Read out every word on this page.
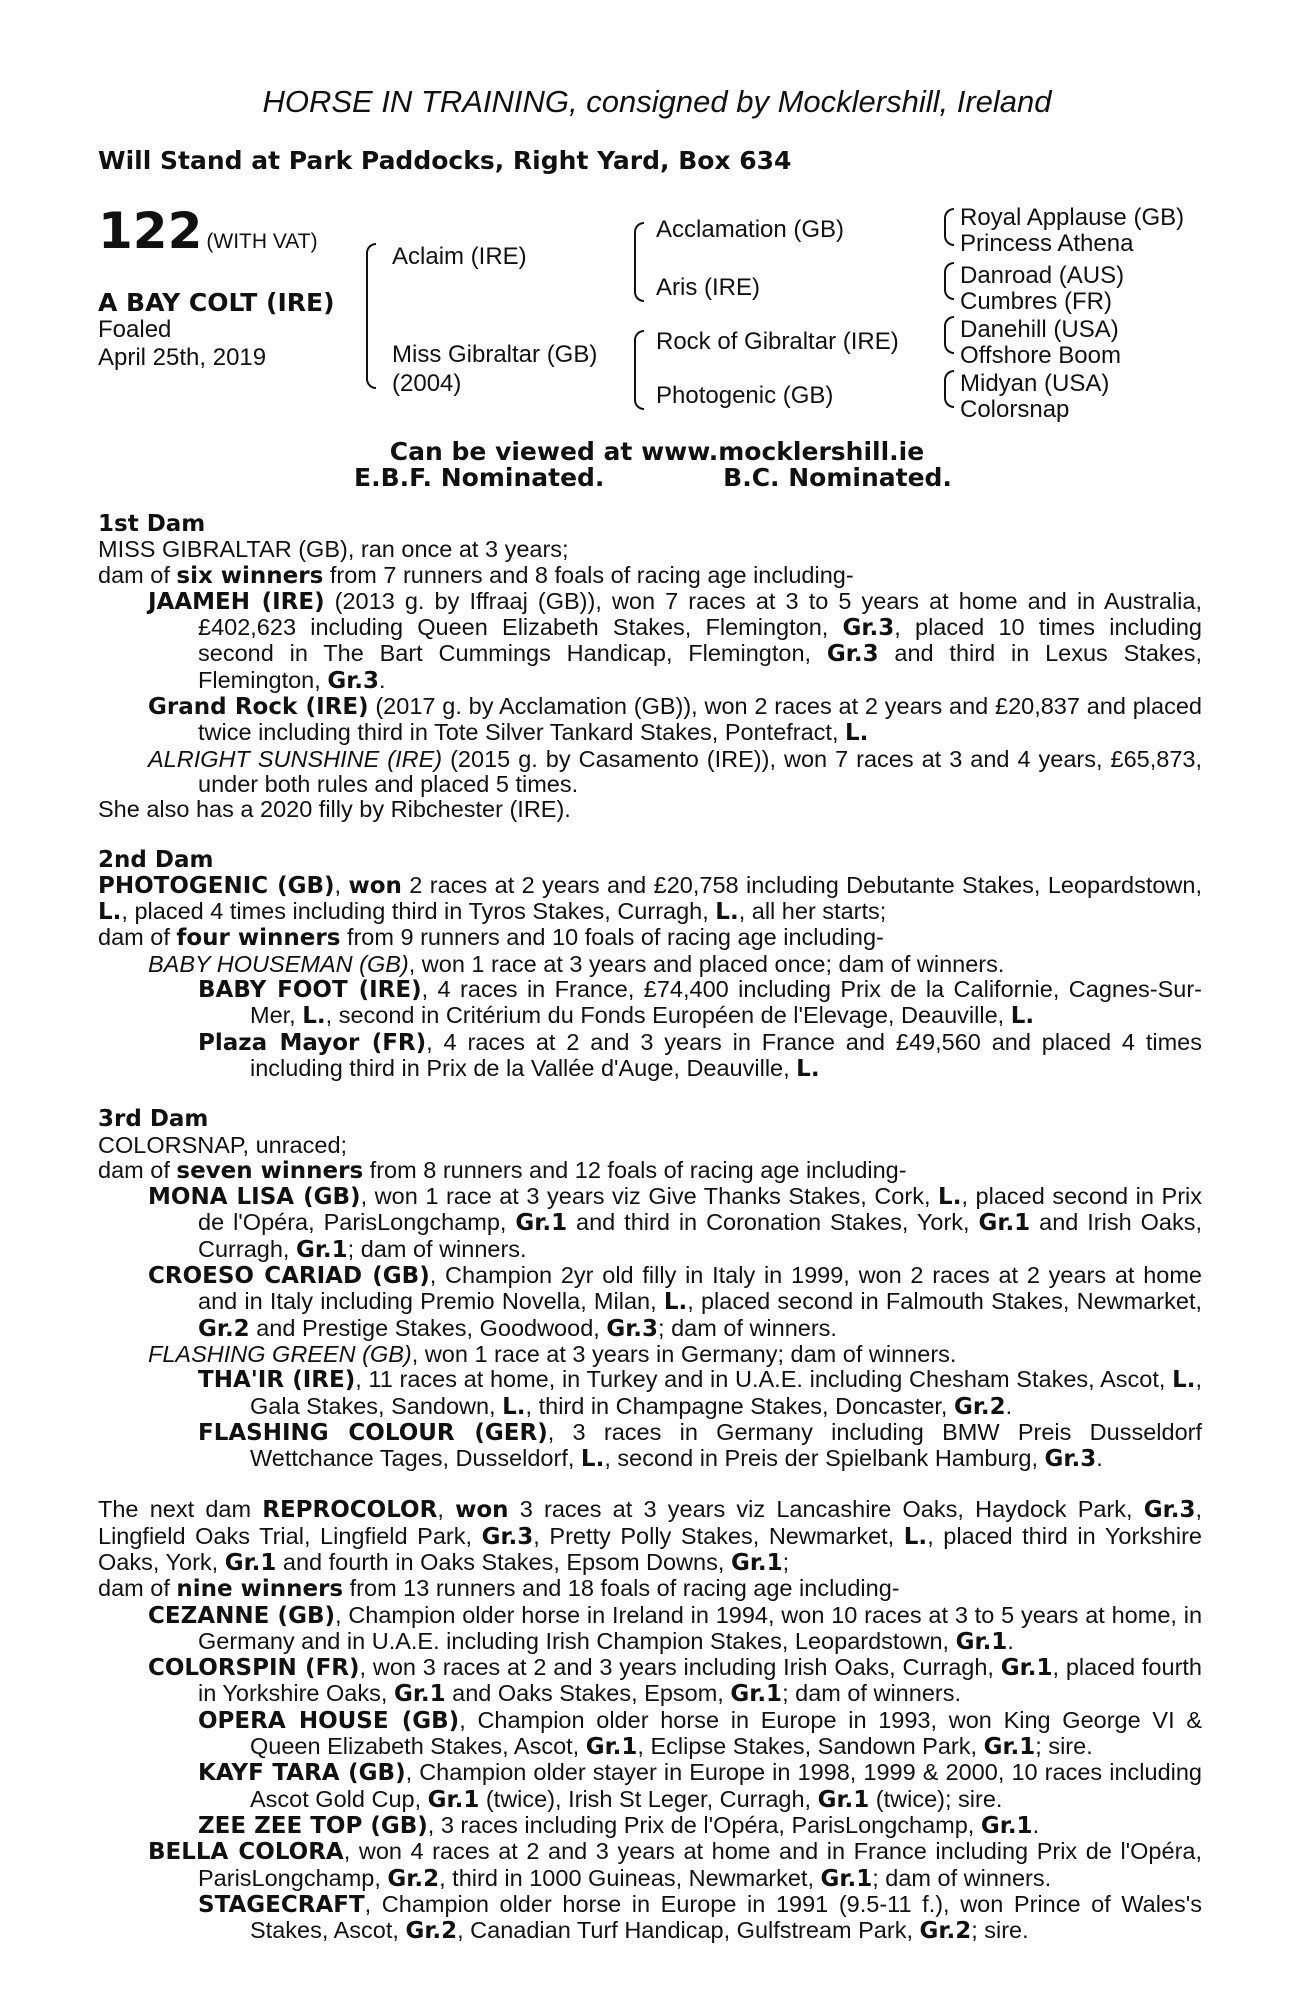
HORSE IN TRAINING, consigned by Mocklershill, Ireland
Will Stand at Park Paddocks, Right Yard, Box 634
122 (WITH VAT)
A BAY COLT (IRE)
Foaled
April 25th, 2019
Aclaim (IRE)
Miss Gibraltar (GB)
(2004)
Acclamation (GB)
Aris (IRE)
Rock of Gibraltar (IRE)
Photogenic (GB)
Royal Applause (GB)
Princess Athena
Danroad (AUS)
Cumbres (FR)
Danehill (USA)
Offshore Boom
Midyan (USA)
Colorsnap
Can be viewed at www.mocklershill.ie
E.B.F. Nominated.	B.C. Nominated.
1st Dam
MISS GIBRALTAR (GB), ran once at 3 years;
dam of six winners from 7 runners and 8 foals of racing age including-
JAAMEH (IRE) (2013 g. by Iffraaj (GB)), won 7 races at 3 to 5 years at home and in Australia, £402,623 including Queen Elizabeth Stakes, Flemington, Gr.3, placed 10 times including second in The Bart Cummings Handicap, Flemington, Gr.3 and third in Lexus Stakes, Flemington, Gr.3.
Grand Rock (IRE) (2017 g. by Acclamation (GB)), won 2 races at 2 years and £20,837 and placed twice including third in Tote Silver Tankard Stakes, Pontefract, L.
ALRIGHT SUNSHINE (IRE) (2015 g. by Casamento (IRE)), won 7 races at 3 and 4 years, £65,873, under both rules and placed 5 times.
She also has a 2020 filly by Ribchester (IRE).
2nd Dam
PHOTOGENIC (GB), won 2 races at 2 years and £20,758 including Debutante Stakes, Leopardstown, L., placed 4 times including third in Tyros Stakes, Curragh, L., all her starts;
dam of four winners from 9 runners and 10 foals of racing age including-
BABY HOUSEMAN (GB), won 1 race at 3 years and placed once; dam of winners.
BABY FOOT (IRE), 4 races in France, £74,400 including Prix de la Californie, Cagnes-Sur-Mer, L., second in Critérium du Fonds Européen de l'Elevage, Deauville, L.
Plaza Mayor (FR), 4 races at 2 and 3 years in France and £49,560 and placed 4 times including third in Prix de la Vallée d'Auge, Deauville, L.
3rd Dam
COLORSNAP, unraced;
dam of seven winners from 8 runners and 12 foals of racing age including-
MONA LISA (GB), won 1 race at 3 years viz Give Thanks Stakes, Cork, L., placed second in Prix de l'Opéra, ParisLongchamp, Gr.1 and third in Coronation Stakes, York, Gr.1 and Irish Oaks, Curragh, Gr.1; dam of winners.
CROESO CARIAD (GB), Champion 2yr old filly in Italy in 1999, won 2 races at 2 years at home and in Italy including Premio Novella, Milan, L., placed second in Falmouth Stakes, Newmarket, Gr.2 and Prestige Stakes, Goodwood, Gr.3; dam of winners.
FLASHING GREEN (GB), won 1 race at 3 years in Germany; dam of winners.
THA'IR (IRE), 11 races at home, in Turkey and in U.A.E. including Chesham Stakes, Ascot, L., Gala Stakes, Sandown, L., third in Champagne Stakes, Doncaster, Gr.2.
FLASHING COLOUR (GER), 3 races in Germany including BMW Preis Dusseldorf Wettchance Tages, Dusseldorf, L., second in Preis der Spielbank Hamburg, Gr.3.
The next dam REPROCOLOR, won 3 races at 3 years viz Lancashire Oaks, Haydock Park, Gr.3, Lingfield Oaks Trial, Lingfield Park, Gr.3, Pretty Polly Stakes, Newmarket, L., placed third in Yorkshire Oaks, York, Gr.1 and fourth in Oaks Stakes, Epsom Downs, Gr.1;
dam of nine winners from 13 runners and 18 foals of racing age including-
CEZANNE (GB), Champion older horse in Ireland in 1994, won 10 races at 3 to 5 years at home, in Germany and in U.A.E. including Irish Champion Stakes, Leopardstown, Gr.1.
COLORSPIN (FR), won 3 races at 2 and 3 years including Irish Oaks, Curragh, Gr.1, placed fourth in Yorkshire Oaks, Gr.1 and Oaks Stakes, Epsom, Gr.1; dam of winners.
OPERA HOUSE (GB), Champion older horse in Europe in 1993, won King George VI & Queen Elizabeth Stakes, Ascot, Gr.1, Eclipse Stakes, Sandown Park, Gr.1; sire.
KAYF TARA (GB), Champion older stayer in Europe in 1998, 1999 & 2000, 10 races including Ascot Gold Cup, Gr.1 (twice), Irish St Leger, Curragh, Gr.1 (twice); sire.
ZEE ZEE TOP (GB), 3 races including Prix de l'Opéra, ParisLongchamp, Gr.1.
BELLA COLORA, won 4 races at 2 and 3 years at home and in France including Prix de l'Opéra, ParisLongchamp, Gr.2, third in 1000 Guineas, Newmarket, Gr.1; dam of winners.
STAGECRAFT, Champion older horse in Europe in 1991 (9.5-11 f.), won Prince of Wales's Stakes, Ascot, Gr.2, Canadian Turf Handicap, Gulfstream Park, Gr.2; sire.
